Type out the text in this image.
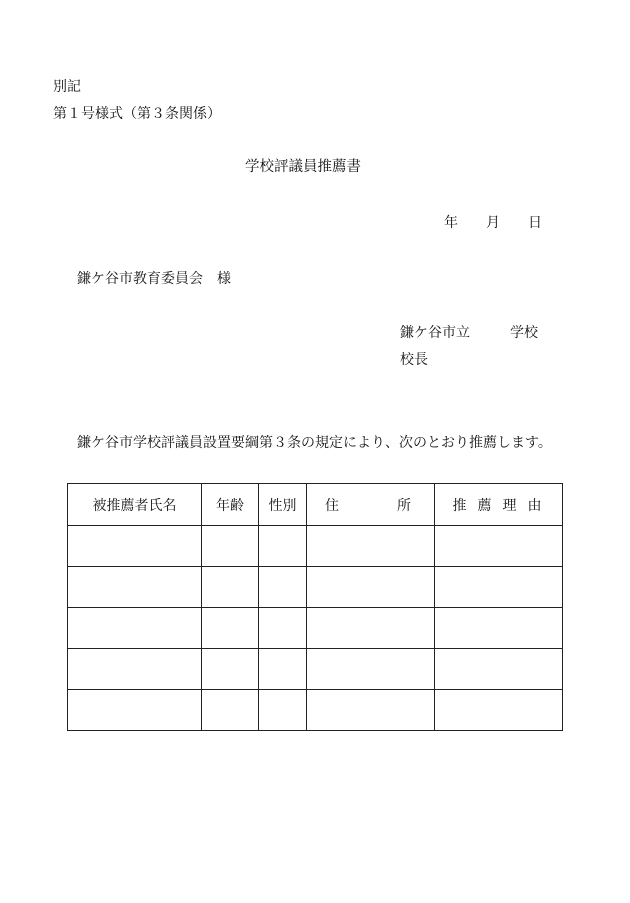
別記
第１号様式（第３条関係）
学校評議員推薦書
年 月 日
鎌ケ谷市教育委員会　様
鎌ケ谷市立	学校
校長
鎌ケ谷市学校評議員設置要綱第３条の規定により、次のとおり推薦します。
被推薦者氏名	年齢	性別	住 所	推薦理由
